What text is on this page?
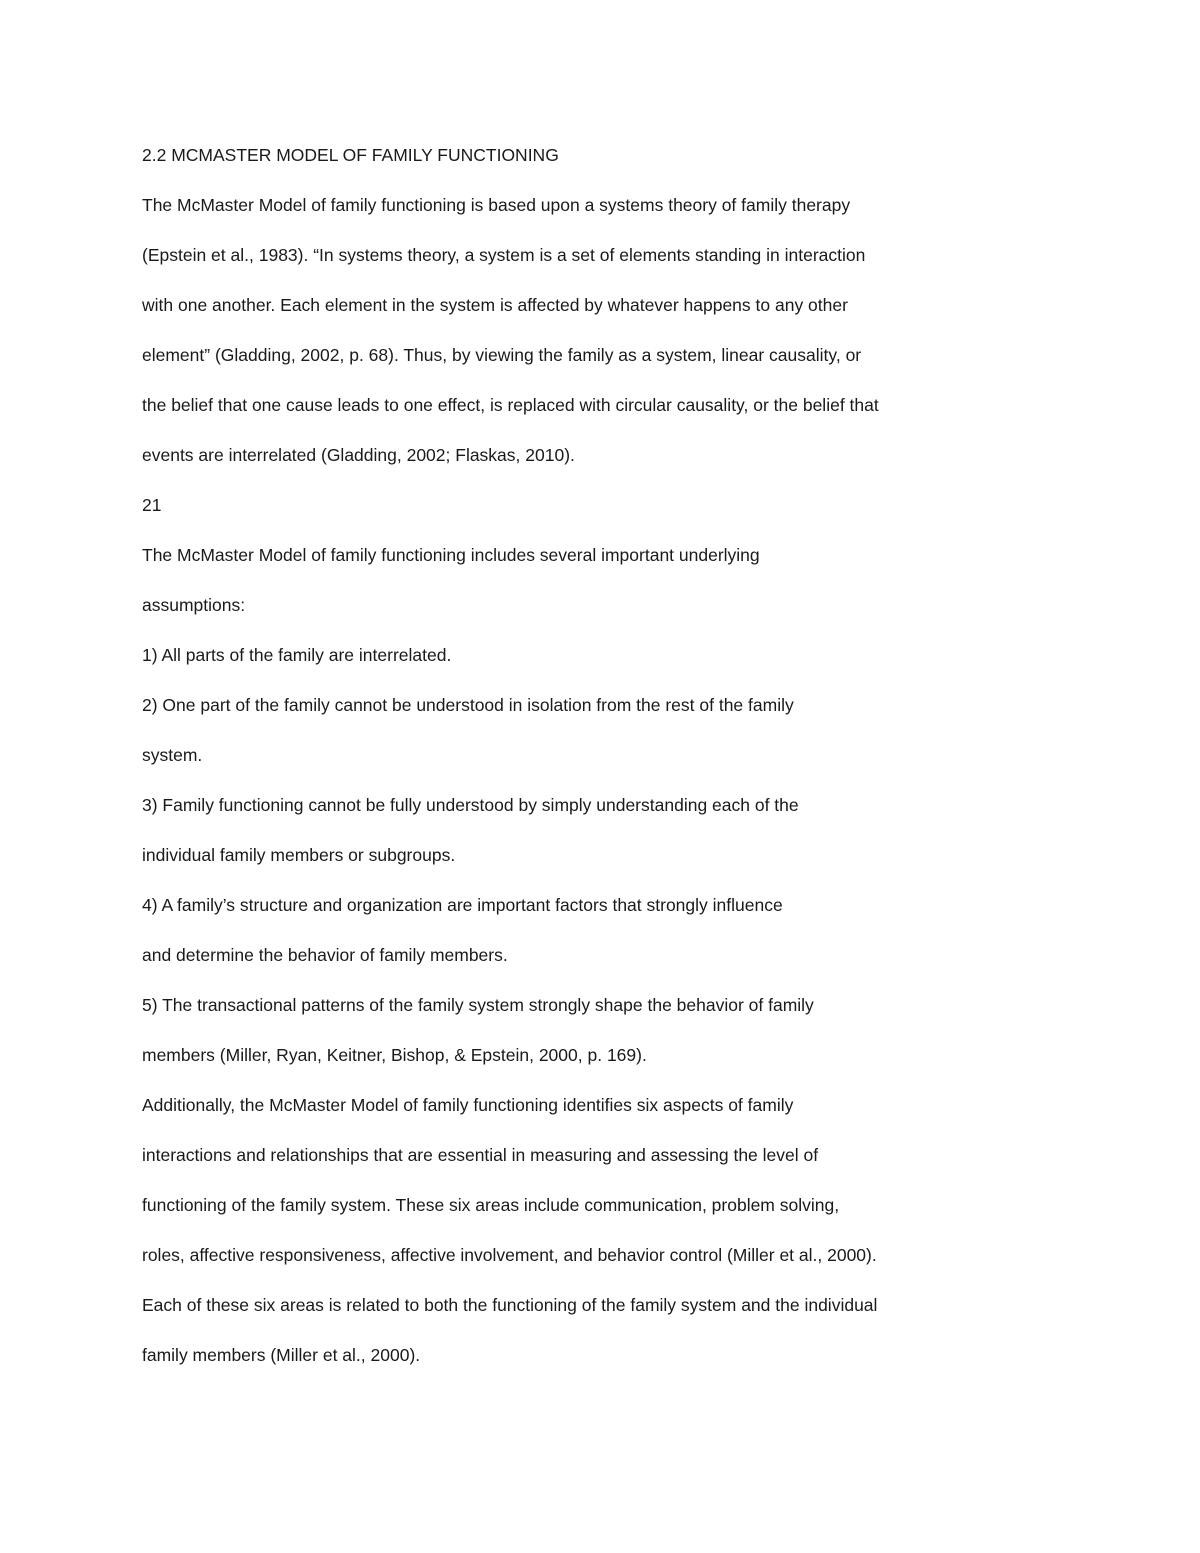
2.2 MCMASTER MODEL OF FAMILY FUNCTIONING
The McMaster Model of family functioning is based upon a systems theory of family therapy
(Epstein et al., 1983). “In systems theory, a system is a set of elements standing in interaction
with one another. Each element in the system is affected by whatever happens to any other
element” (Gladding, 2002, p. 68). Thus, by viewing the family as a system, linear causality, or
the belief that one cause leads to one effect, is replaced with circular causality, or the belief that
events are interrelated (Gladding, 2002; Flaskas, 2010).
21
The McMaster Model of family functioning includes several important underlying
assumptions:
1) All parts of the family are interrelated.
2) One part of the family cannot be understood in isolation from the rest of the family
system.
3) Family functioning cannot be fully understood by simply understanding each of the
individual family members or subgroups.
4) A family’s structure and organization are important factors that strongly influence
and determine the behavior of family members.
5) The transactional patterns of the family system strongly shape the behavior of family
members (Miller, Ryan, Keitner, Bishop, & Epstein, 2000, p. 169).
Additionally, the McMaster Model of family functioning identifies six aspects of family
interactions and relationships that are essential in measuring and assessing the level of
functioning of the family system. These six areas include communication, problem solving,
roles, affective responsiveness, affective involvement, and behavior control (Miller et al., 2000).
Each of these six areas is related to both the functioning of the family system and the individual
family members (Miller et al., 2000).
